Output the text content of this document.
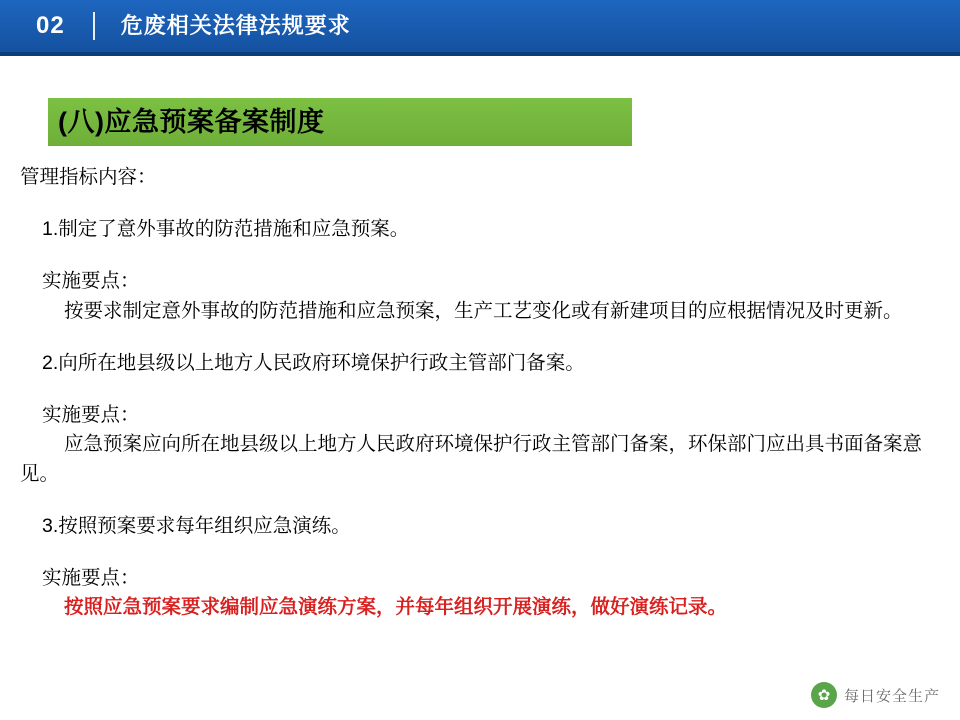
02	危废相关法律法规要求
(八)应急预案备案制度

管理指标内容：

1.制定了意外事故的防范措施和应急预案。

实施要点：

按要求制定意外事故的防范措施和应急预案，生产工艺变化或有新建项目的应根据情况及时更新。

2.向所在地县级以上地方人民政府环境保护行政主管部门备案。

实施要点：

应急预案应向所在地县级以上地方人民政府环境保护行政主管部门备案，环保部门应出具书面备案意见。

3.按照预案要求每年组织应急演练。

实施要点：

按照应急预案要求编制应急演练方案，并每年组织开展演练，做好演练记录。

✿ 每日安全生产
